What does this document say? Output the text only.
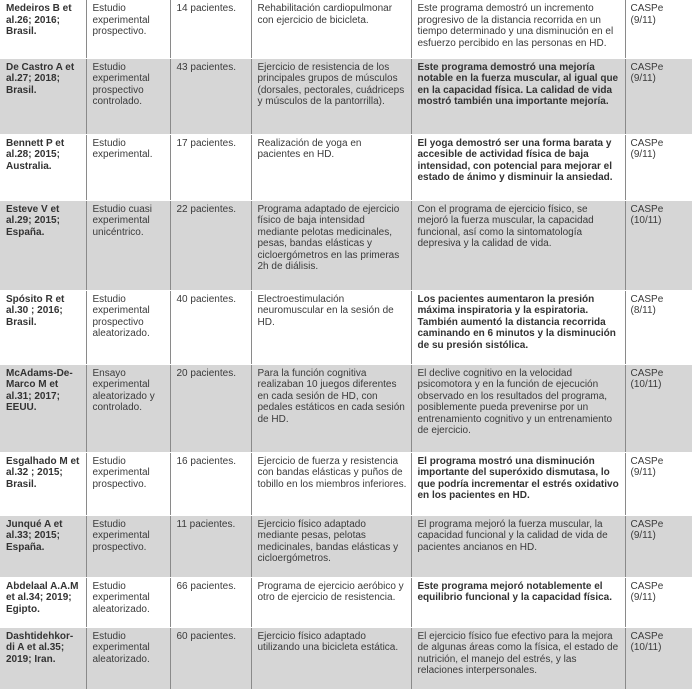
Medeiros B et al.26; 2016; Brasil.	Estudio experimental prospectivo.	14 pacientes.	Rehabilitación cardiopulmonar con ejercicio de bicicleta.	Este programa demostró un incremento progresivo de la distancia recorrida en un tiempo determinado y una disminución en el esfuerzo percibido en las personas en HD.	CASPe (9/11)
De Castro A et al.27; 2018; Brasil.	Estudio experimental prospectivo controlado.	43 pacientes.	Ejercicio de resistencia de los principales grupos de músculos (dorsales, pectorales, cuádriceps y músculos de la pantorrilla).	Este programa demostró una mejoría notable en la fuerza muscular, al igual que en la capacidad física. La calidad de vida mostró también una importante mejoría.	CASPe (9/11)
Bennett P et al.28; 2015; Australia.	Estudio experimental.	17 pacientes.	Realización de yoga en pacientes en HD.	El yoga demostró ser una forma barata y accesible de actividad física de baja intensidad, con potencial para mejorar el estado de ánimo y disminuir la ansiedad.	CASPe (9/11)
Esteve V et al.29; 2015; España.	Estudio cuasi experimental unicéntrico.	22 pacientes.	Programa adaptado de ejercicio físico de baja intensidad mediante pelotas medicinales, pesas, bandas elásticas y cicloergómetros en las primeras 2h de diálisis.	Con el programa de ejercicio físico, se mejoró la fuerza muscular, la capacidad funcional, así como la sintomatología depresiva y la calidad de vida.	CASPe (10/11)
Spósito R et al.30 ; 2016; Brasil.	Estudio experimental prospectivo aleatorizado.	40 pacientes.	Electroestimulación neuromuscular en la sesión de HD.	Los pacientes aumentaron la presión máxima inspiratoria y la espiratoria. También aumentó la distancia recorrida caminando en 6 minutos y la disminución de su presión sistólica.	CASPe (8/11)
McAdams-De-Marco M et al.31; 2017; EEUU.	Ensayo experimental aleatorizado y controlado.	20 pacientes.	Para la función cognitiva realizaban 10 juegos diferentes en cada sesión de HD, con pedales estáticos en cada sesión de HD.	El declive cognitivo en la velocidad psicomotora y en la función de ejecución observado en los resultados del programa, posiblemente pueda prevenirse por un entrenamiento cognitivo y un entrenamiento de ejercicio.	CASPe (10/11)
Esgalhado M et al.32 ; 2015; Brasil.	Estudio experimental prospectivo.	16 pacientes.	Ejercicio de fuerza y resistencia con bandas elásticas y puños de tobillo en los miembros inferiores.	El programa mostró una disminución importante del superóxido dismutasa, lo que podría incrementar el estrés oxidativo en los pacientes en HD.	CASPe (9/11)
Junqué A et al.33; 2015; España.	Estudio experimental prospectivo.	11 pacientes.	Ejercicio físico adaptado mediante pesas, pelotas medicinales, bandas elásticas y cicloergómetros.	El programa mejoró la fuerza muscular, la capacidad funcional y la calidad de vida de pacientes ancianos en HD.	CASPe (9/11)
Abdelaal A.A.M et al.34; 2019; Egipto.	Estudio experimental aleatorizado.	66 pacientes.	Programa de ejercicio aeróbico y otro de ejercicio de resistencia.	Este programa mejoró notablemente el equilibrio funcional y la capacidad física.	CASPe (9/11)
Dashtidehkor-di A et al.35; 2019; Iran.	Estudio experimental aleatorizado.	60 pacientes.	Ejercicio físico adaptado utilizando una bicicleta estática.	El ejercicio físico fue efectivo para la mejora de algunas áreas como la física, el estado de nutrición, el manejo del estrés, y las relaciones interpersonales.	CASPe (10/11)
